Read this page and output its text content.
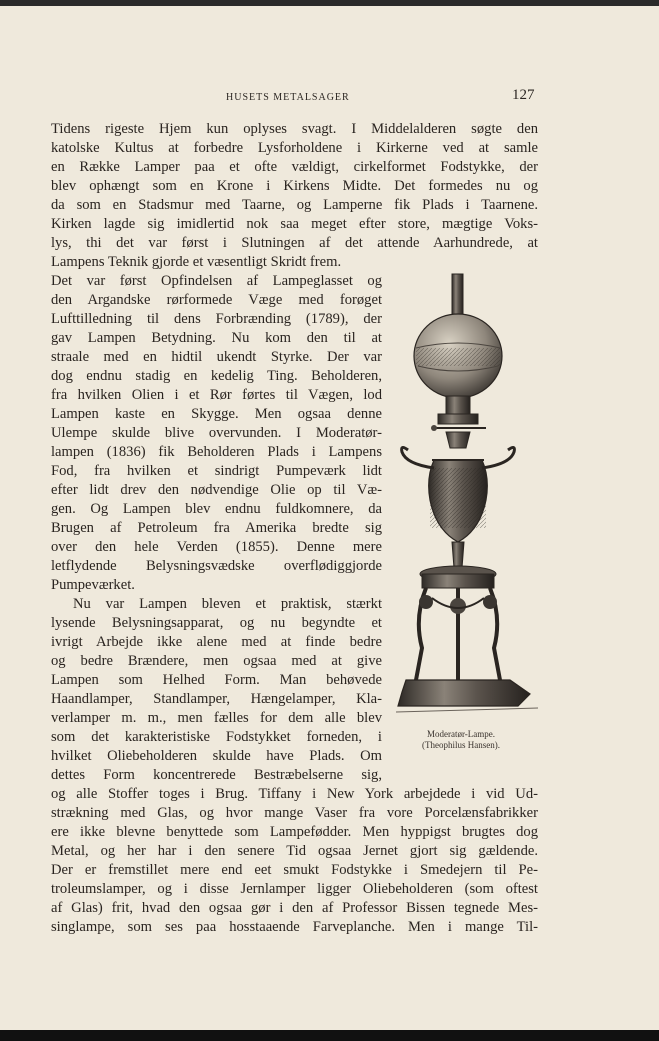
HUSETS METALSAGER	127
Tidens rigeste Hjem kun oplyses svagt. I Middelalderen søgte den
katolske Kultus at forbedre Lysforholdene i Kirkerne ved at samle
en Række Lamper paa et ofte vældigt, cirkelformet Fodstykke, der
blev ophængt som en Krone i Kirkens Midte. Det formedes nu og
da som en Stadsmur med Taarne, og Lamperne fik Plads i Taarnene.
Kirken lagde sig imidlertid nok saa meget efter store, mægtige Voks-
lys, thi det var først i Slutningen af det attende Aarhundrede, at
Lampens Teknik gjorde et væsentligt Skridt frem.
Det var først Opfindelsen af Lampeglasset og
den Argandske rørformede Væge med forøget
Lufttilledning til dens Forbrænding (1789), der
gav Lampen Betydning. Nu kom den til at
straale med en hidtil ukendt Styrke. Der var
dog endnu stadig en kedelig Ting. Beholderen,
fra hvilken Olien i et Rør førtes til Vægen, lod
Lampen kaste en Skygge. Men ogsaa denne
Ulempe skulde blive overvunden. I Moderatør-
lampen (1836) fik Beholderen Plads i Lampens
Fod, fra hvilken et sindrigt Pumpeværk lidt
efter lidt drev den nødvendige Olie op til Væ-
gen. Og Lampen blev endnu fuldkomnere, da
Brugen af Petroleum fra Amerika bredte sig
over den hele Verden (1855). Denne mere
letflydende Belysningsvædske overflødiggjorde
Pumpeværket.
Nu var Lampen bleven et praktisk, stærkt
lysende Belysningsapparat, og nu begyndte et
ivrigt Arbejde ikke alene med at finde bedre
og bedre Brændere, men ogsaa med at give
Lampen som Helhed Form. Man behøvede
Haandlamper, Standlamper, Hængelamper, Kla-
verlamper m. m., men fælles for dem alle blev
som det karakteristiske Fodstykket forneden, i
hvilket Oliebeholderen skulde have Plads. Om
dettes Form koncentrerede Bestræbelserne sig,
og alle Stoffer toges i Brug. Tiffany i New York arbejdede i vid Ud-
strækning med Glas, og hvor mange Vaser fra vore Porcelænsfabrikker
ere ikke blevne benyttede som Lampefødder. Men hyppigst brugtes dog
Metal, og her har i den senere Tid ogsaa Jernet gjort sig gældende.
Der er fremstillet mere end eet smukt Fodstykke i Smedejern til Pe-
troleumslamper, og i disse Jernlamper ligger Oliebeholderen (som oftest
af Glas) frit, hvad den ogsaa gør i den af Professor Bissen tegnede Mes-
singlampe, som ses paa hosstaaende Farveplanche. Men i mange Til-
Moderatør-Lampe.
(Theophilus Hansen).
